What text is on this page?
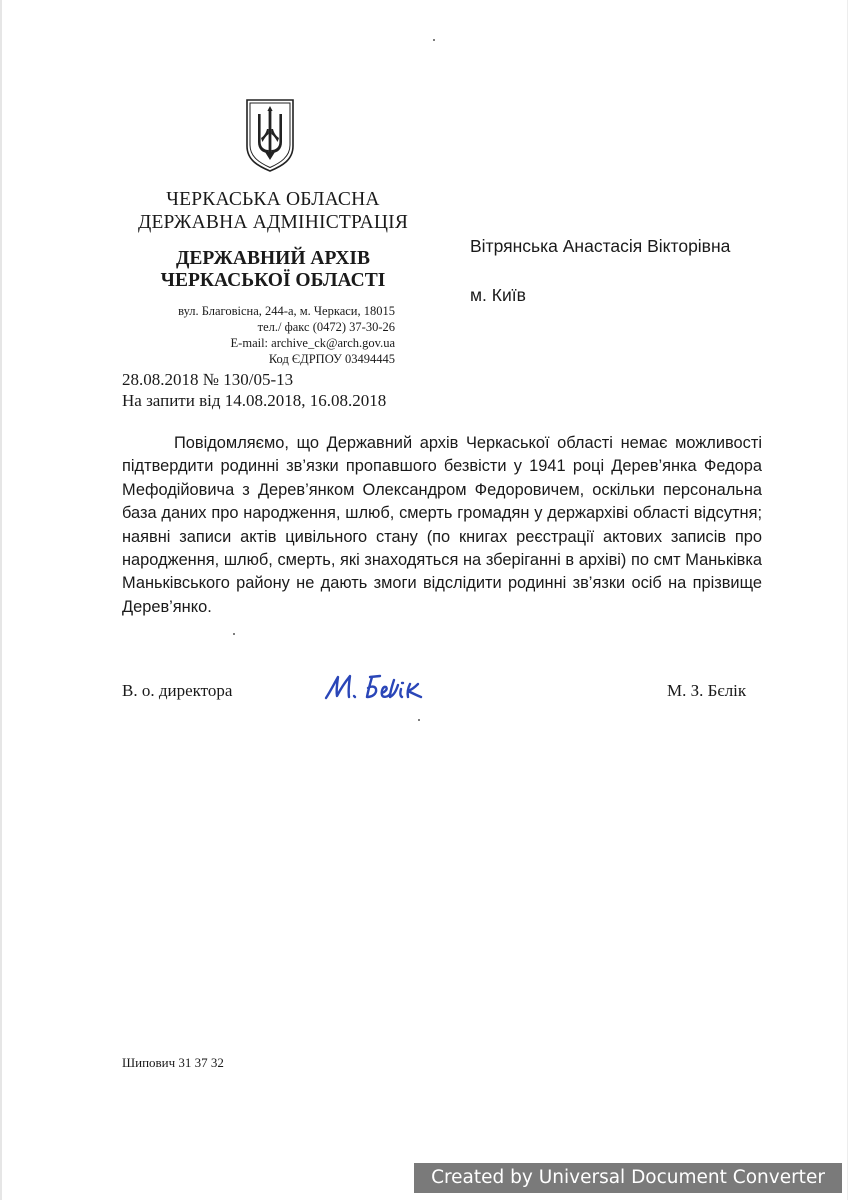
ЧЕРКАСЬКА ОБЛАСНА
ДЕРЖАВНА АДМІНІСТРАЦІЯ
ДЕРЖАВНИЙ АРХІВ
ЧЕРКАСЬКОЇ ОБЛАСТІ
вул. Благовісна, 244-а, м. Черкаси, 18015
тел./ факс (0472) 37-30-26
E-mail: archive_ck@arch.gov.ua
Код ЄДРПОУ 03494445
28.08.2018 № 130/05-13
На запити від 14.08.2018, 16.08.2018
Вітрянська Анастасія Вікторівна
м. Київ
Повідомляємо, що Державний архів Черкаської області немає можливості підтвердити родинні зв’язки пропавшого безвісти у 1941 році Дерев’янка Федора Мефодійовича з Дерев’янком Олександром Федоровичем, оскільки персональна база даних про народження, шлюб, смерть громадян у держархіві області відсутня; наявні записи актів цивільного стану (по книгах реєстрації актових записів про народження, шлюб, смерть, які знаходяться на зберіганні в архіві) по смт Маньківка Маньківського району не дають змоги відслідити родинні зв’язки осіб на прізвище Дерев’янко.
В. о. директора	М. З. Бєлік
Шипович 31 37 32
Created by Universal Document Converter
